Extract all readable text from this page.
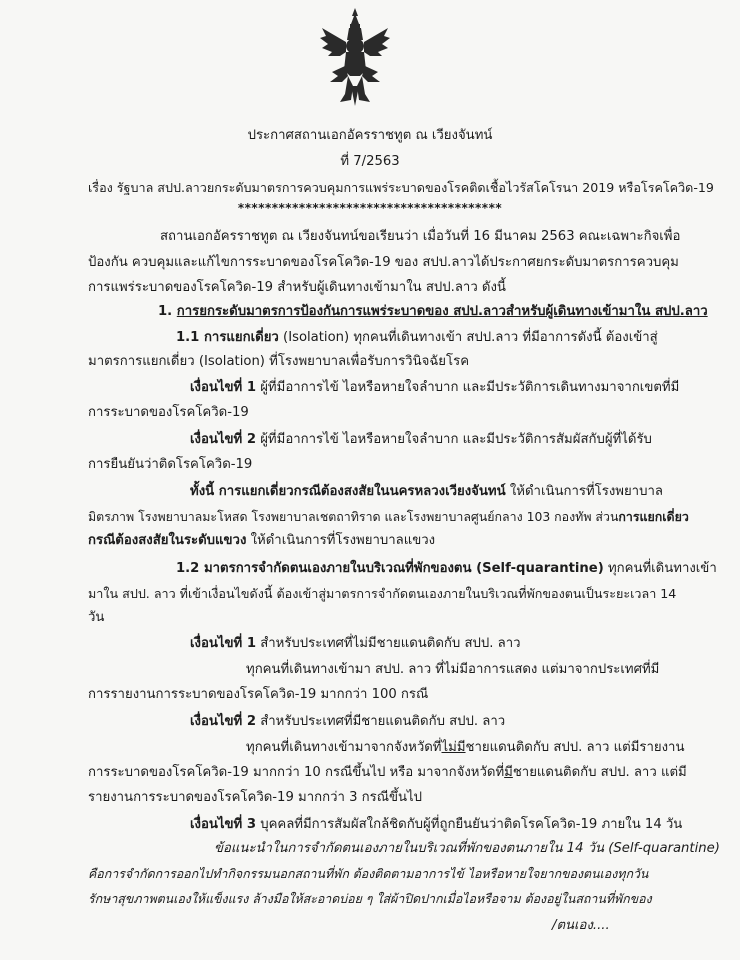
ประกาศสถานเอกอัครราชทูต ณ เวียงจันทน์
ที่ 7/2563
เรื่อง รัฐบาล สปป.ลาวยกระดับมาตรการควบคุมการแพร่ระบาดของโรคติดเชื้อไวรัสโคโรนา 2019 หรือโรคโควิด-19
***************************************
สถานเอกอัครราชทูต ณ เวียงจันทน์ขอเรียนว่า เมื่อวันที่ 16 มีนาคม 2563 คณะเฉพาะกิจเพื่อ
ป้องกัน ควบคุมและแก้ไขการระบาดของโรคโควิด-19 ของ สปป.ลาวได้ประกาศยกระดับมาตรการควบคุม
การแพร่ระบาดของโรคโควิด-19 สำหรับผู้เดินทางเข้ามาใน สปป.ลาว ดังนี้
1. การยกระดับมาตรการป้องกันการแพร่ระบาดของ สปป.ลาวสำหรับผู้เดินทางเข้ามาใน สปป.ลาว
1.1 การแยกเดี่ยว (Isolation) ทุกคนที่เดินทางเข้า สปป.ลาว ที่มีอาการดังนี้ ต้องเข้าสู่
มาตรการแยกเดี่ยว (Isolation) ที่โรงพยาบาลเพื่อรับการวินิจฉัยโรค
เงื่อนไขที่ 1 ผู้ที่มีอาการไข้ ไอหรือหายใจลำบาก และมีประวัติการเดินทางมาจากเขตที่มี
การระบาดของโรคโควิด-19
เงื่อนไขที่ 2 ผู้ที่มีอาการไข้ ไอหรือหายใจลำบาก และมีประวัติการสัมผัสกับผู้ที่ได้รับ
การยืนยันว่าติดโรคโควิด-19
ทั้งนี้ การแยกเดี่ยวกรณีต้องสงสัยในนครหลวงเวียงจันทน์ ให้ดำเนินการที่โรงพยาบาล
มิตรภาพ โรงพยาบาลมะโหสด โรงพยาบาลเชตถาทิราด และโรงพยาบาลศูนย์กลาง 103 กองทัพ ส่วนการแยกเดี่ยว
กรณีต้องสงสัยในระดับแขวง ให้ดำเนินการที่โรงพยาบาลแขวง
1.2 มาตรการจำกัดตนเองภายในบริเวณที่พักของตน (Self-quarantine) ทุกคนที่เดินทางเข้า
มาใน สปป. ลาว ที่เข้าเงื่อนไขดังนี้ ต้องเข้าสู่มาตรการจำกัดตนเองภายในบริเวณที่พักของตนเป็นระยะเวลา 14
วัน
เงื่อนไขที่ 1 สำหรับประเทศที่ไม่มีชายแดนติดกับ สปป. ลาว
ทุกคนที่เดินทางเข้ามา สปป. ลาว ที่ไม่มีอาการแสดง แต่มาจากประเทศที่มี
การรายงานการระบาดของโรคโควิด-19 มากกว่า 100 กรณี
เงื่อนไขที่ 2 สำหรับประเทศที่มีชายแดนติดกับ สปป. ลาว
ทุกคนที่เดินทางเข้ามาจากจังหวัดที่ไม่มีชายแดนติดกับ สปป. ลาว แต่มีรายงาน
การระบาดของโรคโควิด-19 มากกว่า 10 กรณีขึ้นไป หรือ มาจากจังหวัดที่มีชายแดนติดกับ สปป. ลาว แต่มี
รายงานการระบาดของโรคโควิด-19 มากกว่า 3 กรณีขึ้นไป
เงื่อนไขที่ 3 บุคคลที่มีการสัมผัสใกล้ชิดกับผู้ที่ถูกยืนยันว่าติดโรคโควิด-19 ภายใน 14 วัน
ข้อแนะนำในการจำกัดตนเองภายในบริเวณที่พักของตนภายใน 14 วัน (Self-quarantine)
คือการจำกัดการออกไปทำกิจกรรมนอกสถานที่พัก ต้องติดตามอาการไข้ ไอหรือหายใจยากของตนเองทุกวัน
รักษาสุขภาพตนเองให้แข็งแรง ล้างมือให้สะอาดบ่อย ๆ ใส่ผ้าปิดปากเมื่อไอหรือจาม ต้องอยู่ในสถานที่พักของ
/ตนเอง....
